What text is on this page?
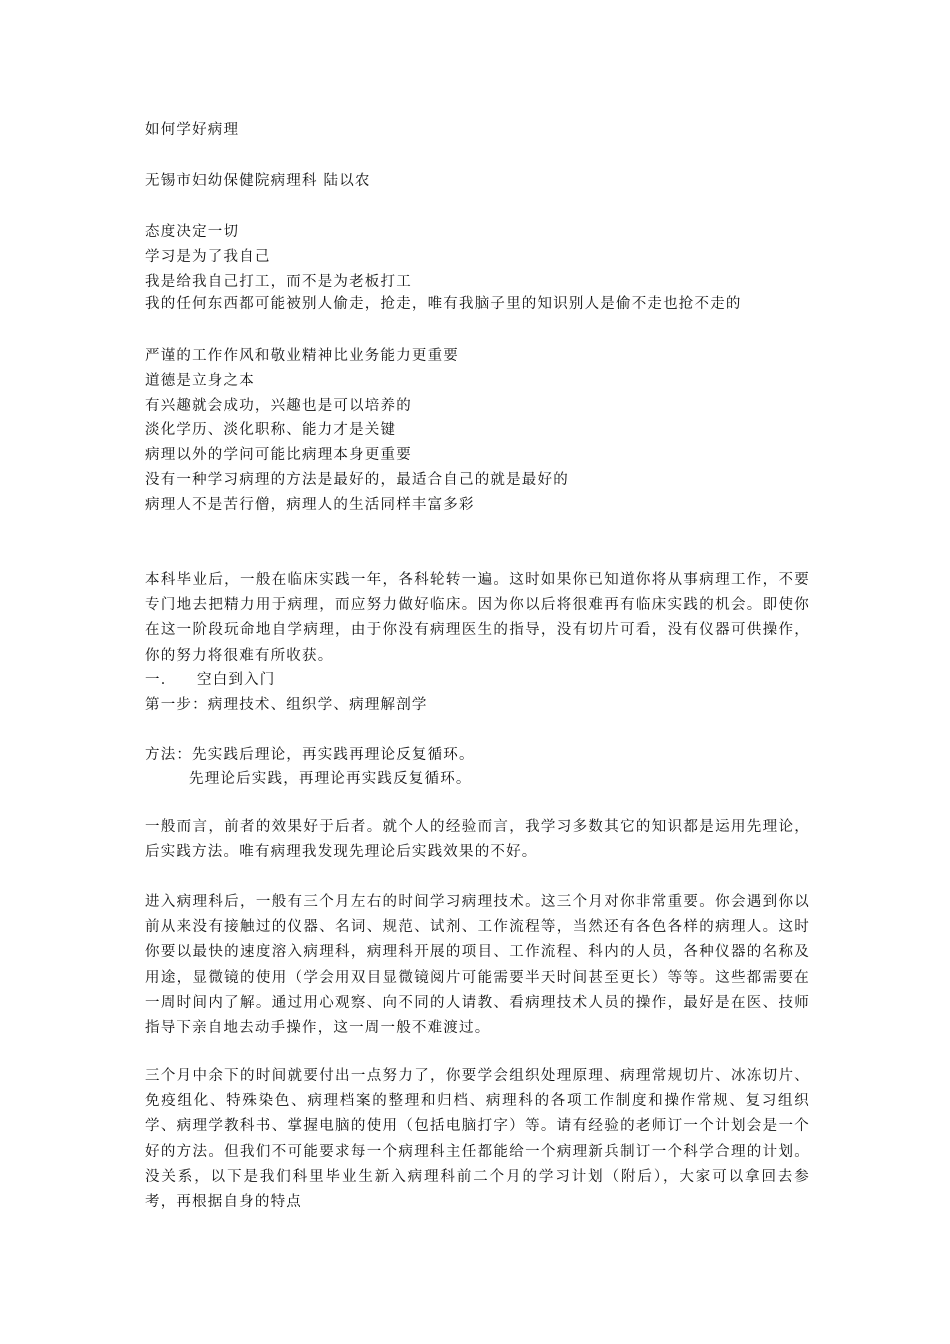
如何学好病理
无锡市妇幼保健院病理科 陆以农
态度决定一切
学习是为了我自己
我是给我自己打工，而不是为老板打工
我的任何东西都可能被别人偷走，抢走，唯有我脑子里的知识别人是偷不走也抢不走的
严谨的工作作风和敬业精神比业务能力更重要
道德是立身之本
有兴趣就会成功，兴趣也是可以培养的
淡化学历、淡化职称、能力才是关键
病理以外的学问可能比病理本身更重要
没有一种学习病理的方法是最好的，最适合自己的就是最好的
病理人不是苦行僧，病理人的生活同样丰富多彩
本科毕业后，一般在临床实践一年，各科轮转一遍。这时如果你已知道你将从事病理工作，不要专门地去把精力用于病理，而应努力做好临床。因为你以后将很难再有临床实践的机会。即使你在这一阶段玩命地自学病理，由于你没有病理医生的指导，没有切片可看，没有仪器可供操作，你的努力将很难有所收获。
一． 空白到入门
第一步：病理技术、组织学、病理解剖学
方法：先实践后理论，再实践再理论反复循环。
先理论后实践，再理论再实践反复循环。
一般而言，前者的效果好于后者。就个人的经验而言，我学习多数其它的知识都是运用先理论，后实践方法。唯有病理我发现先理论后实践效果的不好。
进入病理科后，一般有三个月左右的时间学习病理技术。这三个月对你非常重要。你会遇到你以前从来没有接触过的仪器、名词、规范、试剂、工作流程等，当然还有各色各样的病理人。这时你要以最快的速度溶入病理科，病理科开展的项目、工作流程、科内的人员，各种仪器的名称及用途，显微镜的使用（学会用双目显微镜阅片可能需要半天时间甚至更长）等等。这些都需要在一周时间内了解。通过用心观察、向不同的人请教、看病理技术人员的操作，最好是在医、技师指导下亲自地去动手操作，这一周一般不难渡过。
三个月中余下的时间就要付出一点努力了，你要学会组织处理原理、病理常规切片、冰冻切片、免疫组化、特殊染色、病理档案的整理和归档、病理科的各项工作制度和操作常规、复习组织学、病理学教科书、掌握电脑的使用（包括电脑打字）等。请有经验的老师订一个计划会是一个好的方法。但我们不可能要求每一个病理科主任都能给一个病理新兵制订一个科学合理的计划。没关系，以下是我们科里毕业生新入病理科前二个月的学习计划（附后），大家可以拿回去参考，再根据自身的特点
